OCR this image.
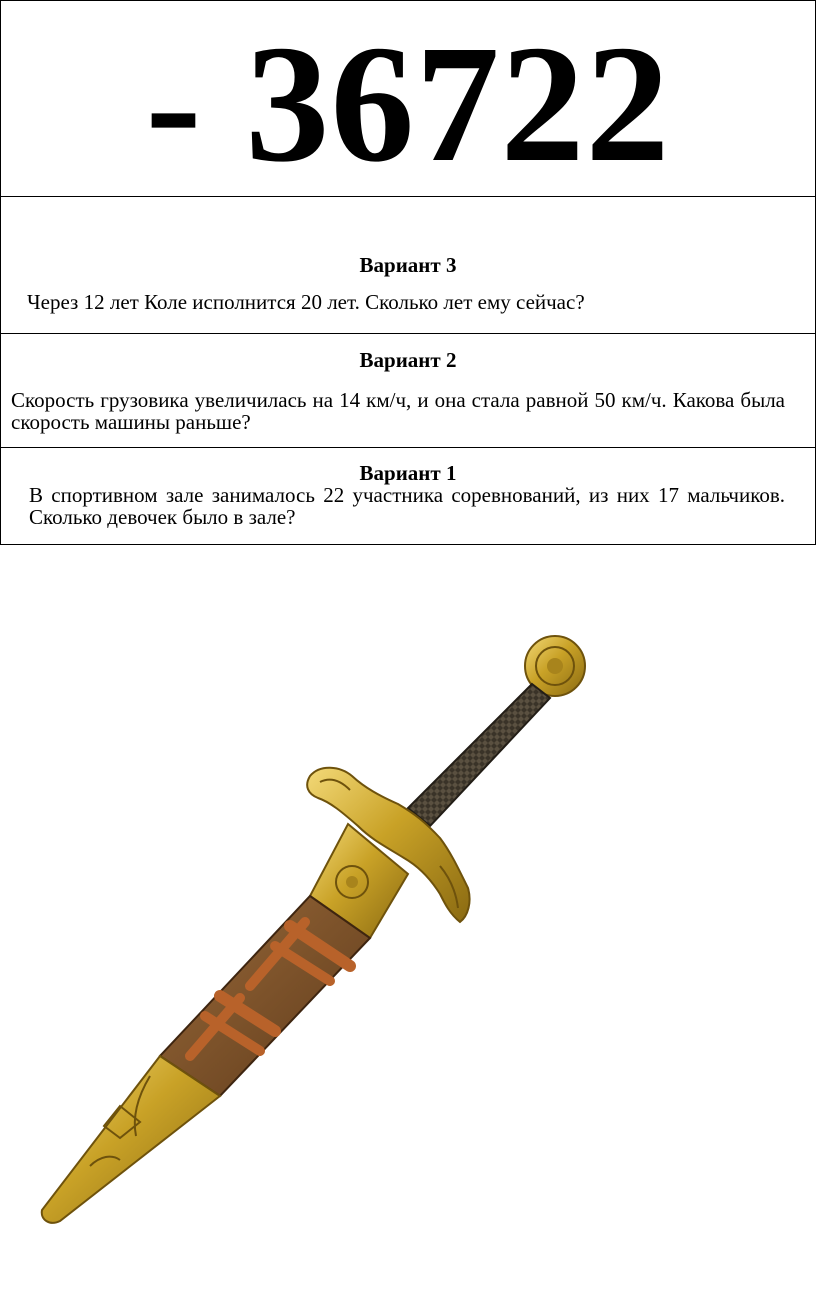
- 36722
Вариант 3
Через 12 лет Коле исполнится 20 лет. Сколько лет ему сейчас?
Вариант 2
Скорость грузовика увеличилась на 14 км/ч, и она стала равной 50 км/ч. Какова была скорость машины раньше?
Вариант 1
В спортивном зале занималось 22 участника соревнований, из них 17 мальчиков. Сколько девочек было в зале?
